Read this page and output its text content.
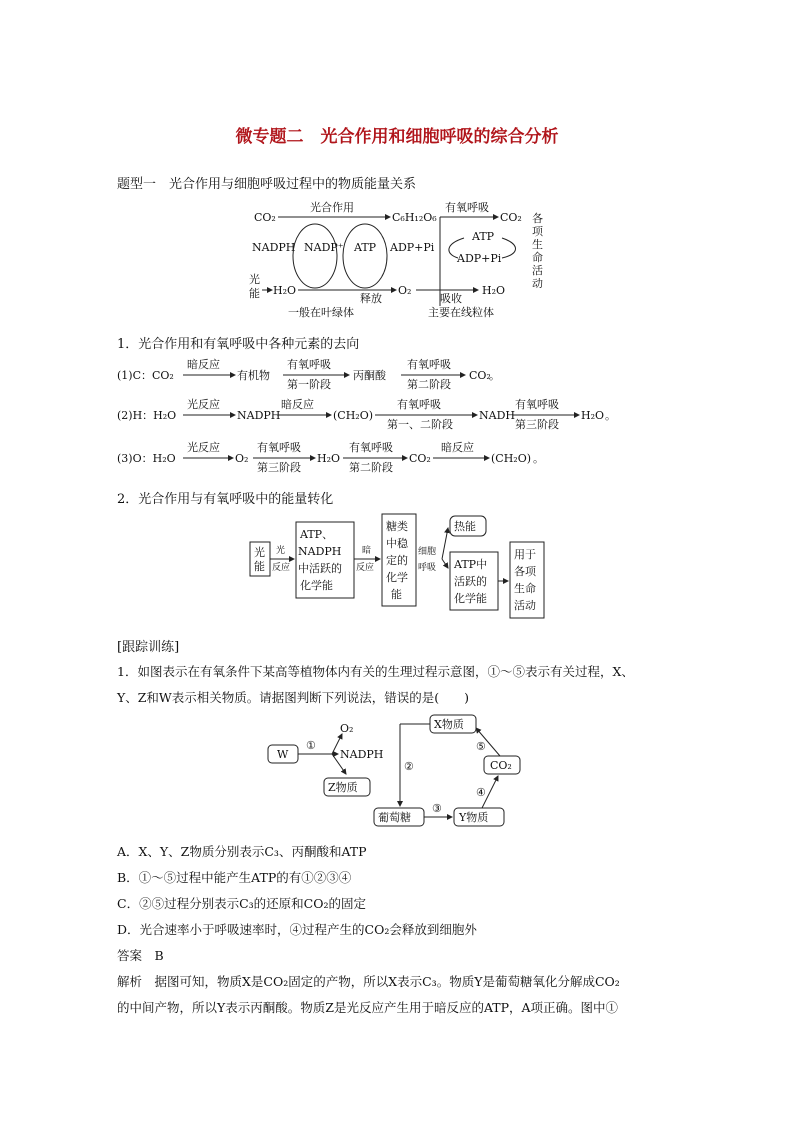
微专题二　光合作用和细胞呼吸的综合分析
题型一　光合作用与细胞呼吸过程中的物质能量关系
CO₂
光合作用
C₆H₁₂O₆
有氧呼吸
CO₂ 各
项
生
命
活
动
NADPH NADP⁺ ATP ADP+Pi
ATP
ADP+Pi
光
能 H₂O
释放
O₂
吸收
H₂O
一般在叶绿体	主要在线粒体
1．光合作用和有氧呼吸中各种元素的去向
(1)C：CO₂
暗反应
有机物
有氧呼吸
第一阶段
丙酮酸
有氧呼吸
第二阶段
CO₂
。
(2)H：H₂O
光反应
NADPH
暗反应
(CH₂O)
有氧呼吸
第一、二阶段
NADH
有氧呼吸
第三阶段
H₂O 。
(3)O：H₂O
光反应
O₂
有氧呼吸
第三阶段
H₂O
有氧呼吸
第二阶段
CO₂
暗反应
(CH₂O) 。
2．光合作用与有氧呼吸中的能量转化
光
能
光
反应
ATP、
NADPH
中活跃的
化学能
暗
反应
糖类
中稳
定的
化学
能
细胞
呼吸
热能
ATP中
活跃的
化学能
用于
各项
生命
活动
[跟踪训练]
1．如图表示在有氧条件下某高等植物体内有关的生理过程示意图，①～⑤表示有关过程，X、
Y、Z和W表示相关物质。请据图判断下列说法，错误的是(　　)
W
①
O₂
NADPH
Z物质
②
X物质
⑤
CO₂
④
葡萄糖
③
Y物质
A．X、Y、Z物质分别表示C₃、丙酮酸和ATP
B．①～⑤过程中能产生ATP的有①②③④
C．②⑤过程分别表示C₃的还原和CO₂的固定
D．光合速率小于呼吸速率时，④过程产生的CO₂会释放到细胞外
答案　B
解析　据图可知，物质X是CO₂固定的产物，所以X表示C₃。物质Y是葡萄糖氧化分解成CO₂
的中间产物，所以Y表示丙酮酸。物质Z是光反应产生用于暗反应的ATP，A项正确。图中①
